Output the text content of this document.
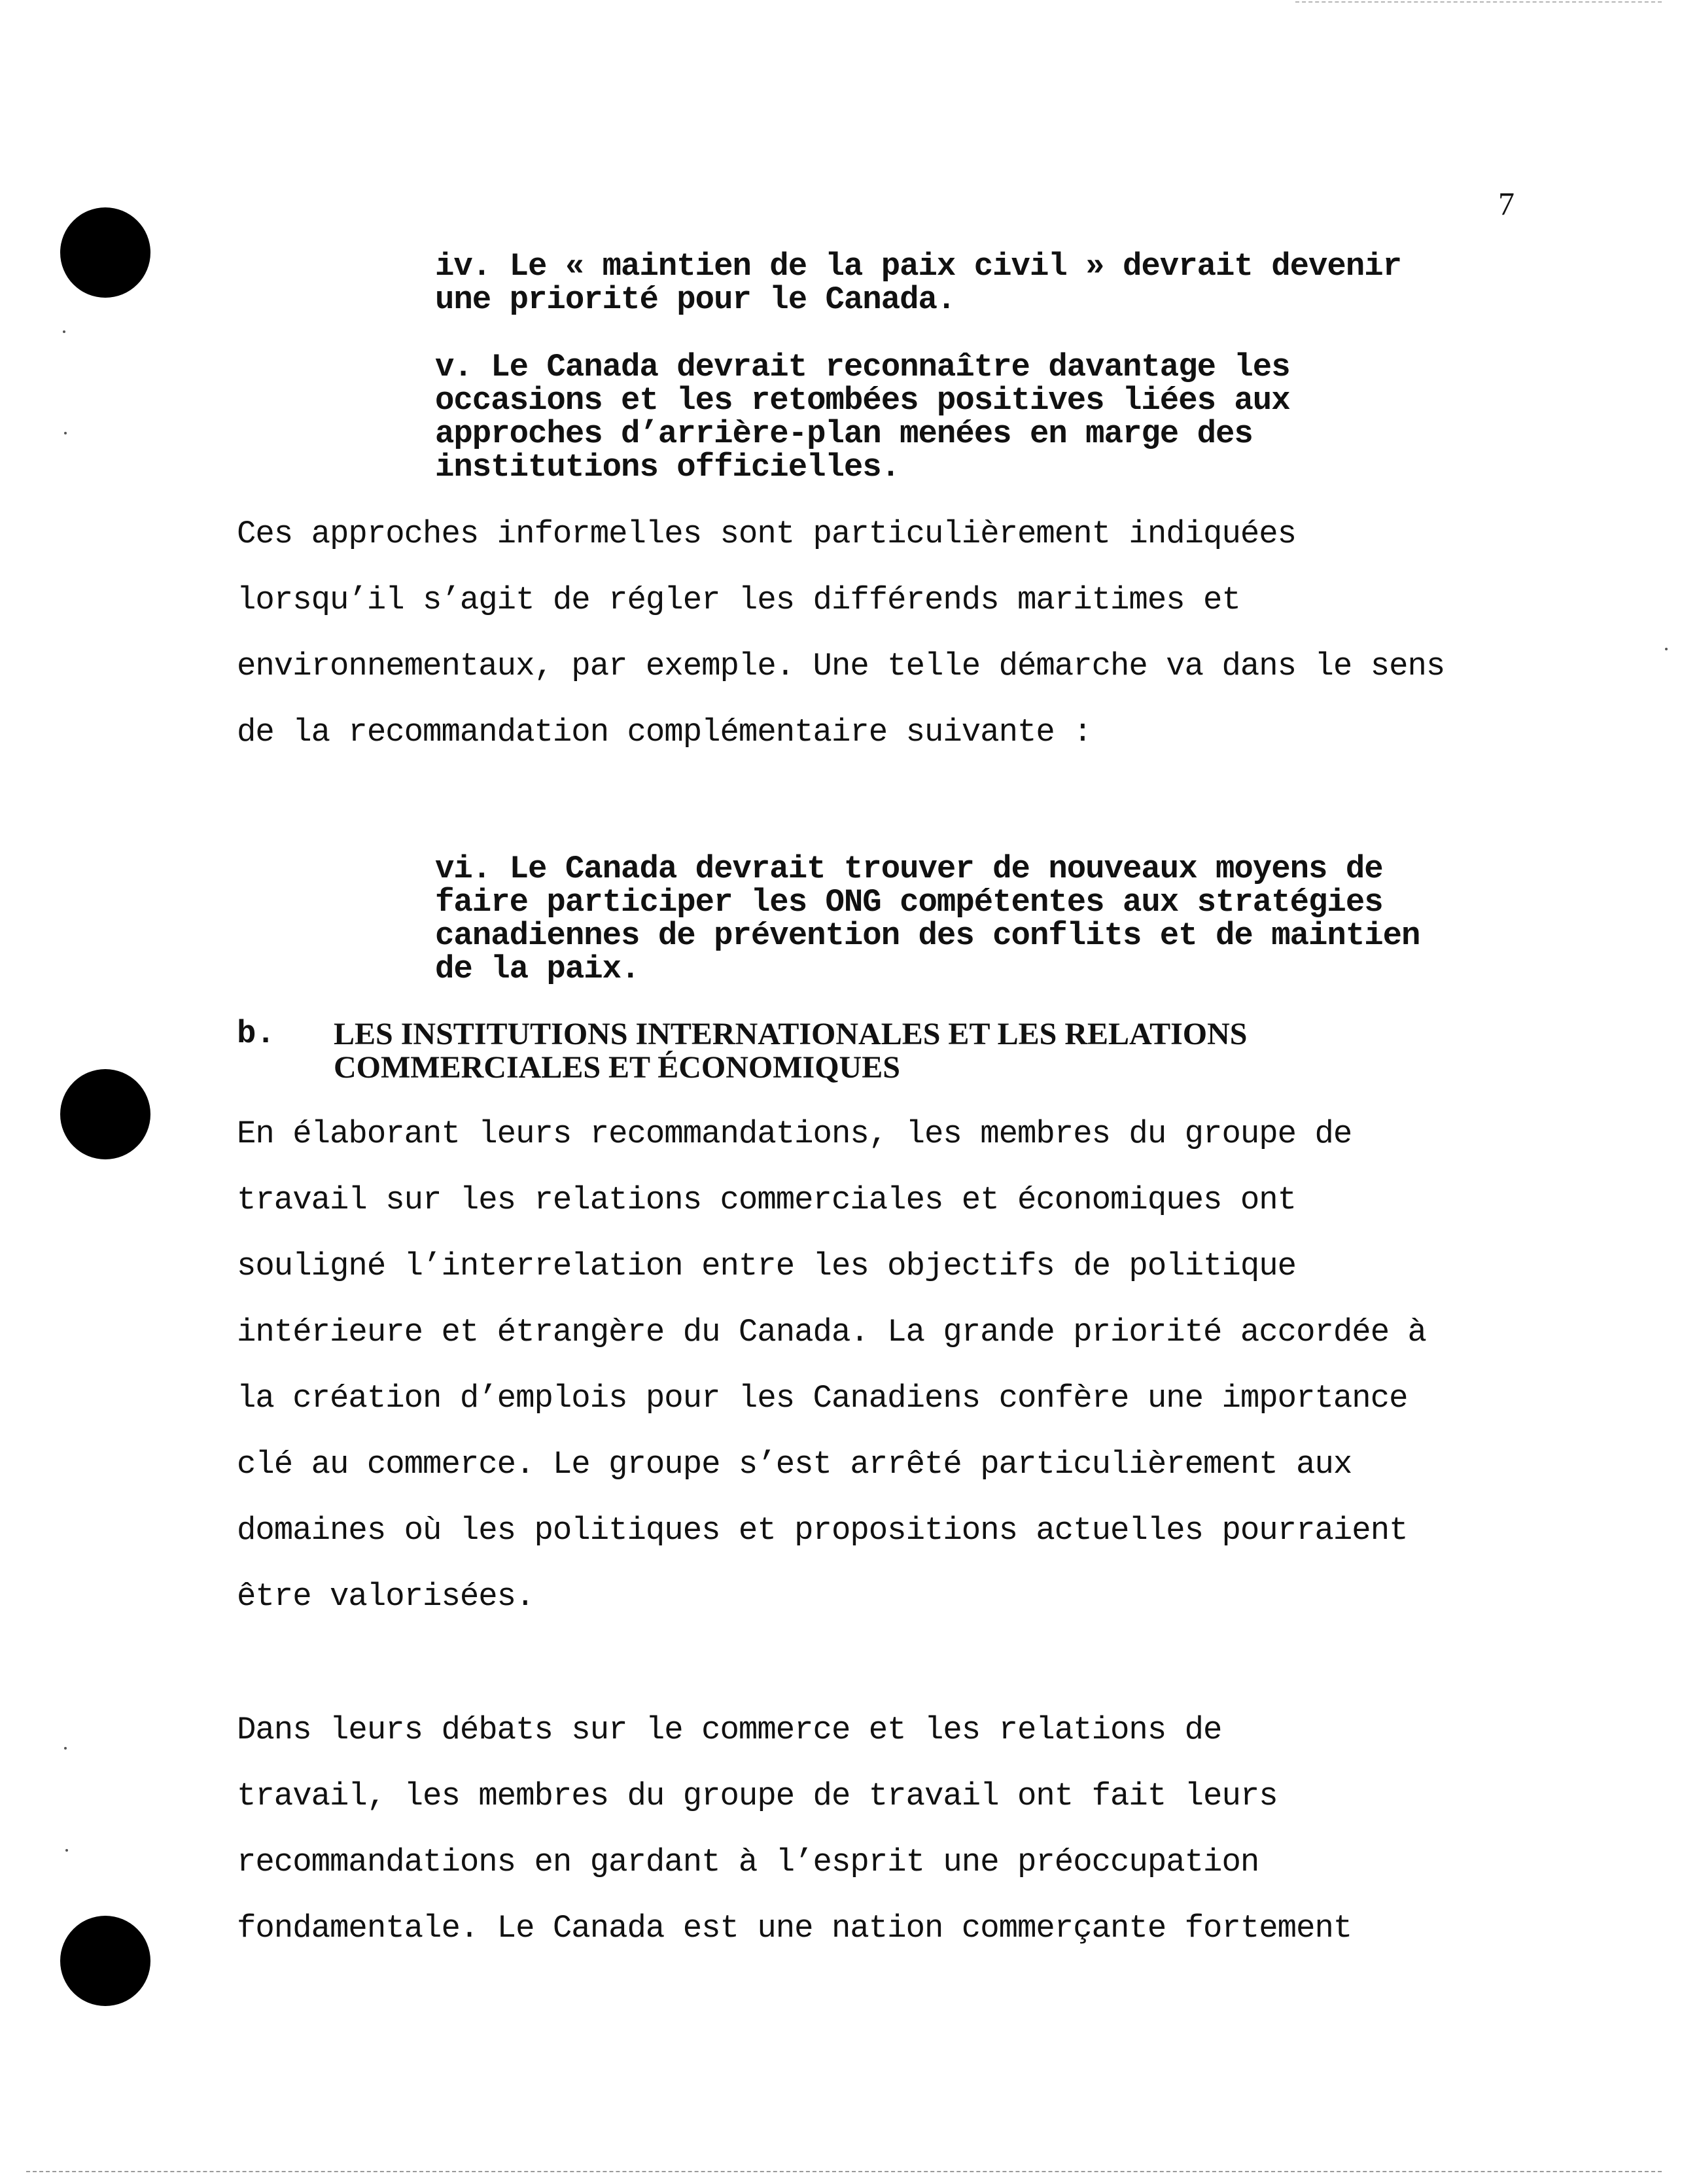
7

iv. Le « maintien de la paix civil » devrait devenir
une priorité pour le Canada.

v. Le Canada devrait reconnaître davantage les
occasions et les retombées positives liées aux
approches d’arrière-plan menées en marge des
institutions officielles.

Ces approches informelles sont particulièrement indiquées
lorsqu’il s’agit de régler les différends maritimes et
environnementaux, par exemple. Une telle démarche va dans le sens
de la recommandation complémentaire suivante :

vi. Le Canada devrait trouver de nouveaux moyens de
faire participer les ONG compétentes aux stratégies
canadiennes de prévention des conflits et de maintien
de la paix.

b. LES INSTITUTIONS INTERNATIONALES ET LES RELATIONS
COMMERCIALES ET ÉCONOMIQUES

En élaborant leurs recommandations, les membres du groupe de
travail sur les relations commerciales et économiques ont
souligné l’interrelation entre les objectifs de politique
intérieure et étrangère du Canada. La grande priorité accordée à
la création d’emplois pour les Canadiens confère une importance
clé au commerce. Le groupe s’est arrêté particulièrement aux
domaines où les politiques et propositions actuelles pourraient
être valorisées.

Dans leurs débats sur le commerce et les relations de
travail, les membres du groupe de travail ont fait leurs
recommandations en gardant à l’esprit une préoccupation
fondamentale. Le Canada est une nation commerçante fortement
